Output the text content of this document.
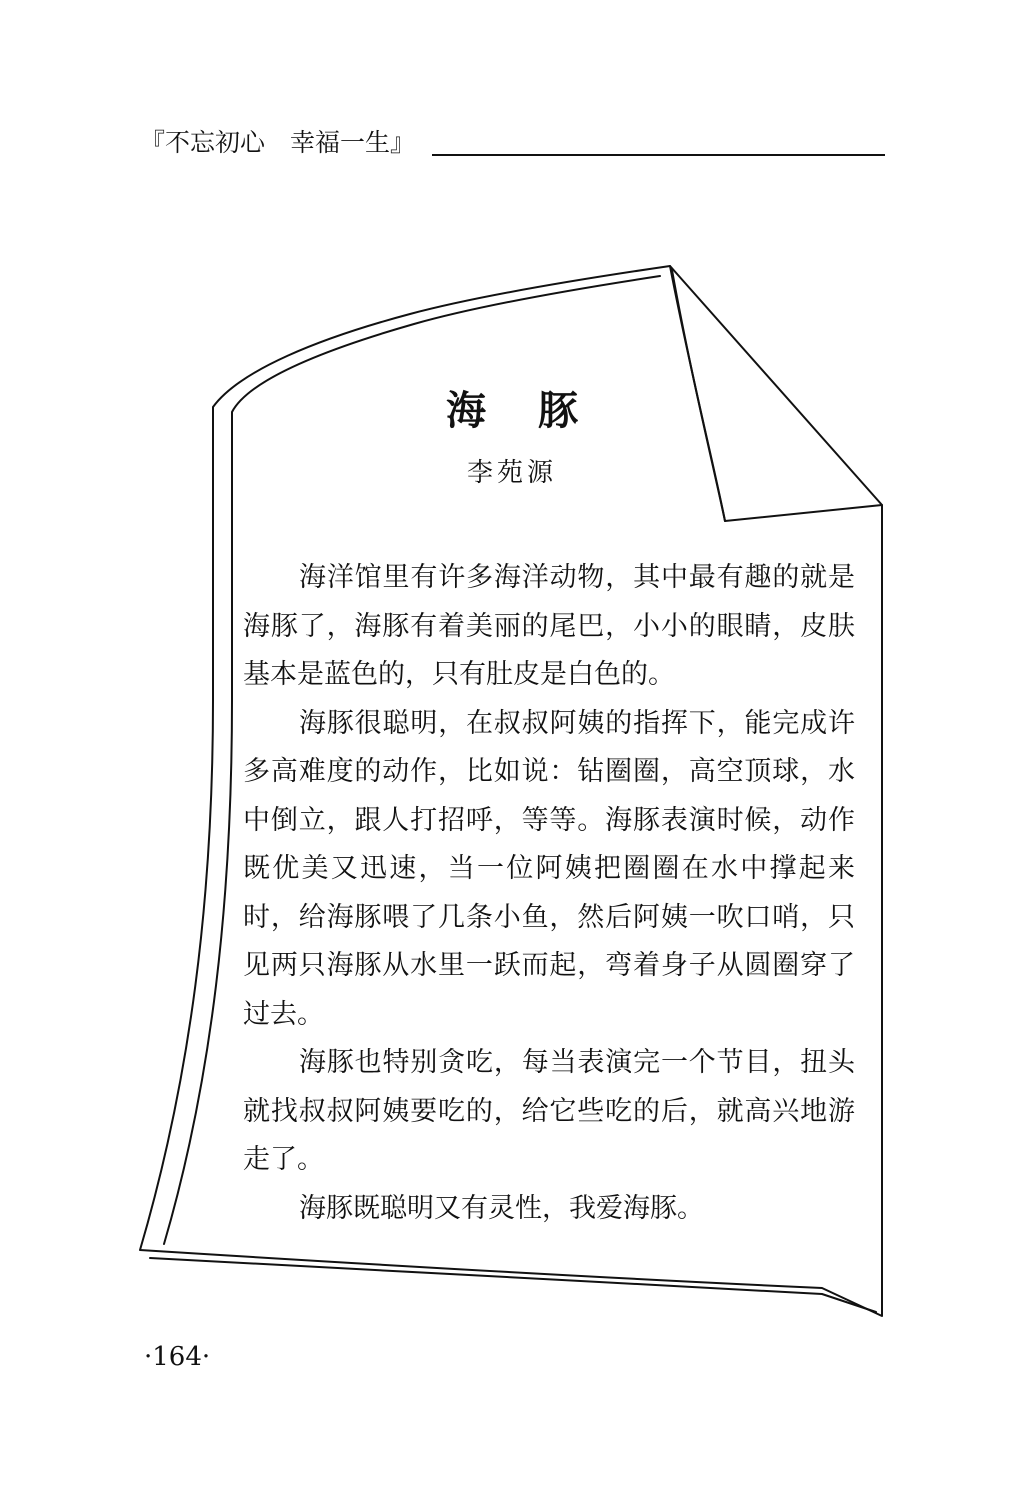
『不忘初心　幸福一生』
海豚
李苑源

海洋馆里有许多海洋动物，其中最有趣的就是海豚了，海豚有着美丽的尾巴，小小的眼睛，皮肤基本是蓝色的，只有肚皮是白色的。

海豚很聪明，在叔叔阿姨的指挥下，能完成许多高难度的动作，比如说：钻圈圈，高空顶球，水中倒立，跟人打招呼，等等。海豚表演时候，动作既优美又迅速，当一位阿姨把圈圈在水中撑起来时，给海豚喂了几条小鱼，然后阿姨一吹口哨，只见两只海豚从水里一跃而起，弯着身子从圆圈穿了过去。

海豚也特别贪吃，每当表演完一个节目，扭头就找叔叔阿姨要吃的，给它些吃的后，就高兴地游走了。

海豚既聪明又有灵性，我爱海豚。

·164·
